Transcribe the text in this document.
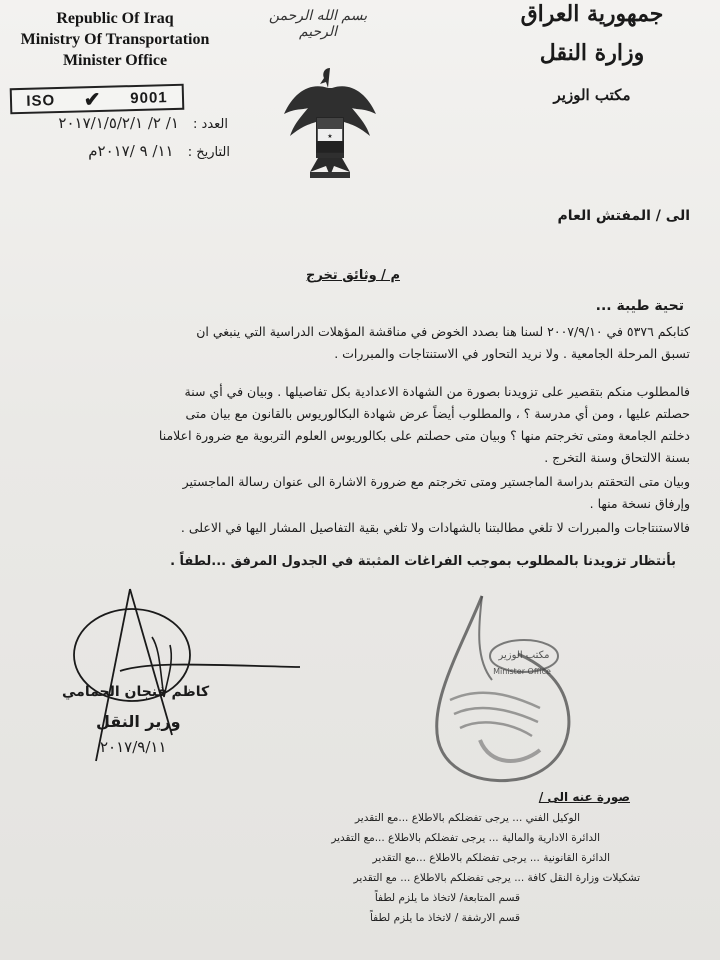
Republic Of Iraq
Ministry Of Transportation
Minister Office
ISO ✔ 9001
العدد : ١/ ٢/ ٢٠١٧/١/٥/٢/١
التاريخ : ١١/ ٩ /٢٠١٧م
بسم الله الرحمن الرحيم
★
جمهورية العراق
وزارة النقل
مكتب الوزير
الى / المفتش العام
م / وثائق تخرج
تحية طيبة ...
كتابكم ٥٣٧٦ في ٢٠٠٧/٩/١٠ لسنا هنا بصدد الخوض في مناقشة المؤهلات الدراسية التي ينبغي ان
تسبق المرحلة الجامعية . ولا نريد التحاور في الاستنتاجات والمبررات .
فالمطلوب منكم بتقصير على تزويدنا بصورة من الشهادة الاعدادية بكل تفاصيلها . وبيان في أي سنة
حصلتم عليها ، ومن أي مدرسة ؟ ، والمطلوب أيضاً عرض شهادة البكالوريوس بالقانون مع بيان متى
دخلتم الجامعة ومتى تخرجتم منها ؟ وبيان متى حصلتم على بكالوريوس العلوم التربوية مع ضرورة اعلامنا
بسنة الالتحاق وسنة التخرج .
وبيان متى التحقتم بدراسة الماجستير ومتى تخرجتم مع ضرورة الاشارة الى عنوان رسالة الماجستير
وإرفاق نسخة منها .
فالاستنتاجات والمبررات لا تلغي مطالبتنا بالشهادات ولا تلغي بقية التفاصيل المشار اليها في الاعلى .
بأنتظار تزويدنا بالمطلوب بموجب الفراغات المثبتة في الجدول المرفق ...لطفاً .
كاظم فنجان الحمامي
وزير النقل
٢٠١٧/٩/١١
مكتب الوزير
Minister Office
صورة عنه الى /
الوكيل الفني ... يرجى تفضلكم بالاطلاع ...مع التقدير
الدائرة الادارية والمالية ... يرجى تفضلكم بالاطلاع ...مع التقدير
الدائرة القانونية ... يرجى تفضلكم بالاطلاع ...مع التقدير
تشكيلات وزارة النقل كافة ... يرجى تفضلكم بالاطلاع ... مع التقدير
قسم المتابعة/ لاتخاذ ما يلزم لطفاً
قسم الارشفة / لاتخاذ ما يلزم لطفاً
